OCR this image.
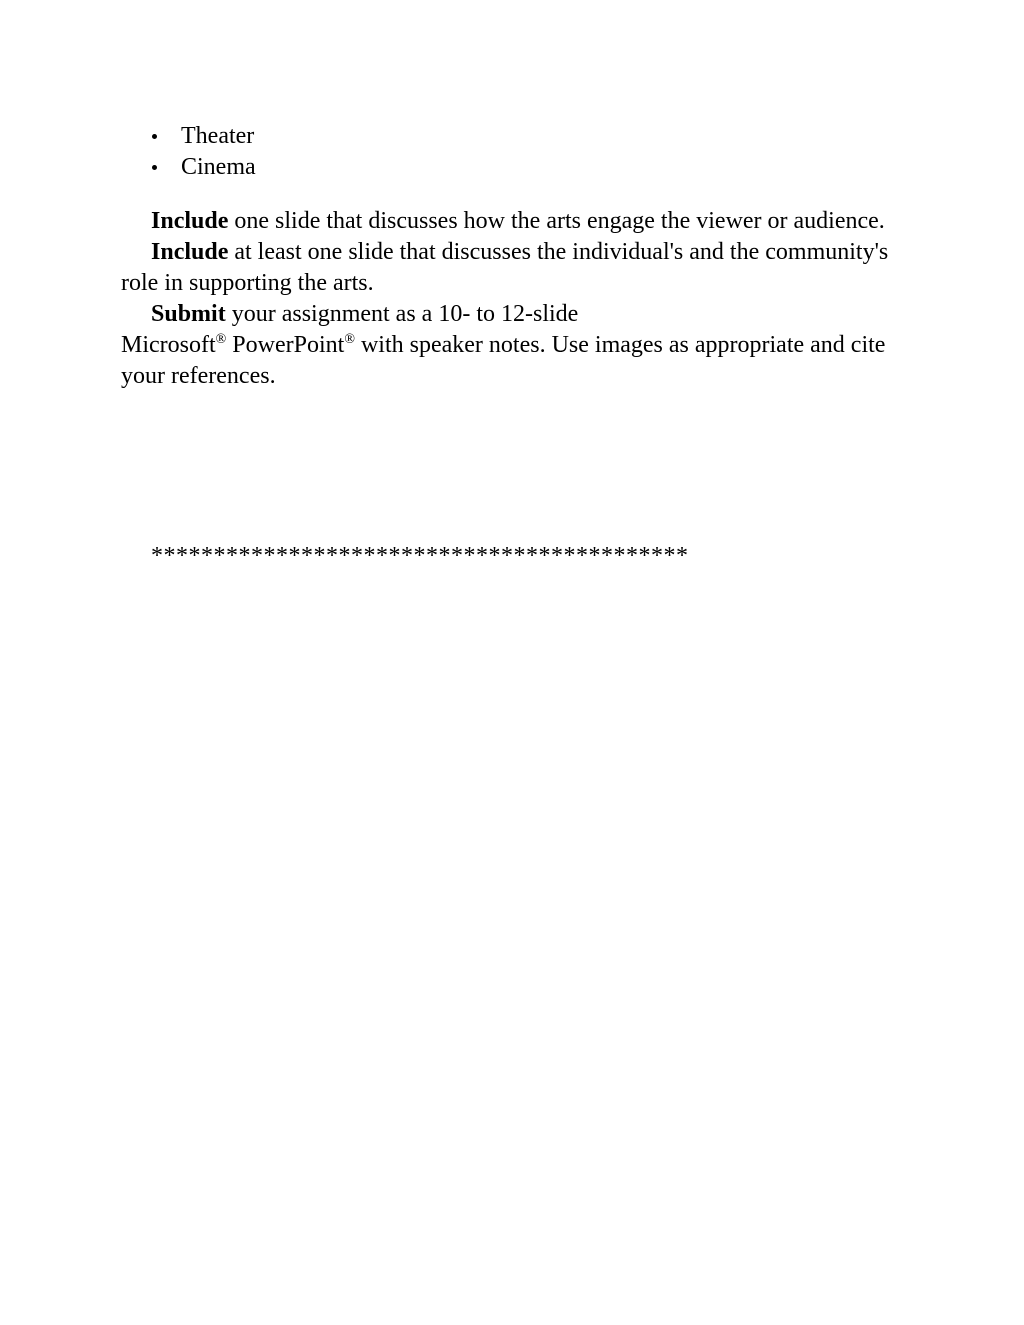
Theater
Cinema

Include one slide that discusses how the arts engage the viewer or audience.

Include at least one slide that discusses the individual's and the community's role in supporting the arts.

Submit your assignment as a 10- to 12-slide
Microsoft® PowerPoint® with speaker notes. Use images as appropriate and cite your references.

*******************************************
